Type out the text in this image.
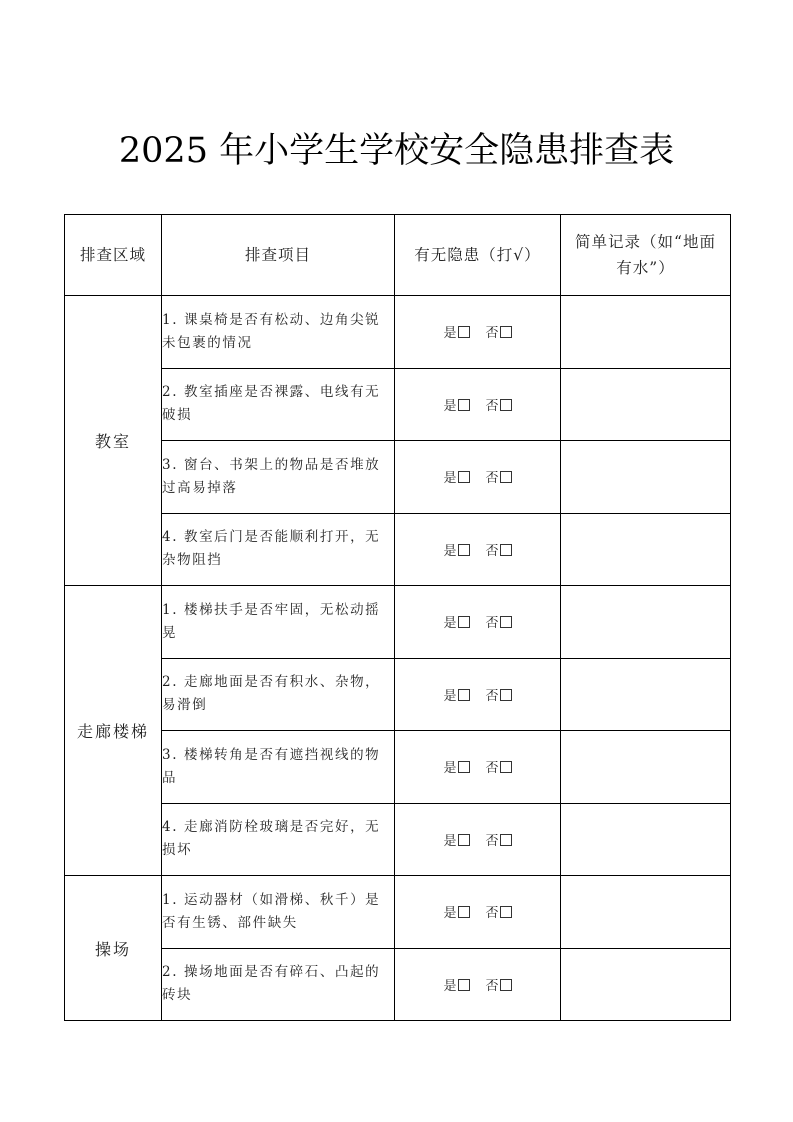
2025 年小学生学校安全隐患排查表
排查区域	排查项目	有无隐患（打√）	简单记录（如“地面有水”）
教室	1. 课桌椅是否有松动、边角尖锐未包裹的情况	是 否	
	2. 教室插座是否裸露、电线有无破损	是 否	
	3. 窗台、书架上的物品是否堆放过高易掉落	是 否	
	4. 教室后门是否能顺利打开，无杂物阻挡	是 否	
走廊楼梯	1. 楼梯扶手是否牢固，无松动摇晃	是 否	
	2. 走廊地面是否有积水、杂物，易滑倒	是 否	
	3. 楼梯转角是否有遮挡视线的物品	是 否	
	4. 走廊消防栓玻璃是否完好，无损坏	是 否	
操场	1. 运动器材（如滑梯、秋千）是否有生锈、部件缺失	是 否	
	2. 操场地面是否有碎石、凸起的砖块	是 否	
